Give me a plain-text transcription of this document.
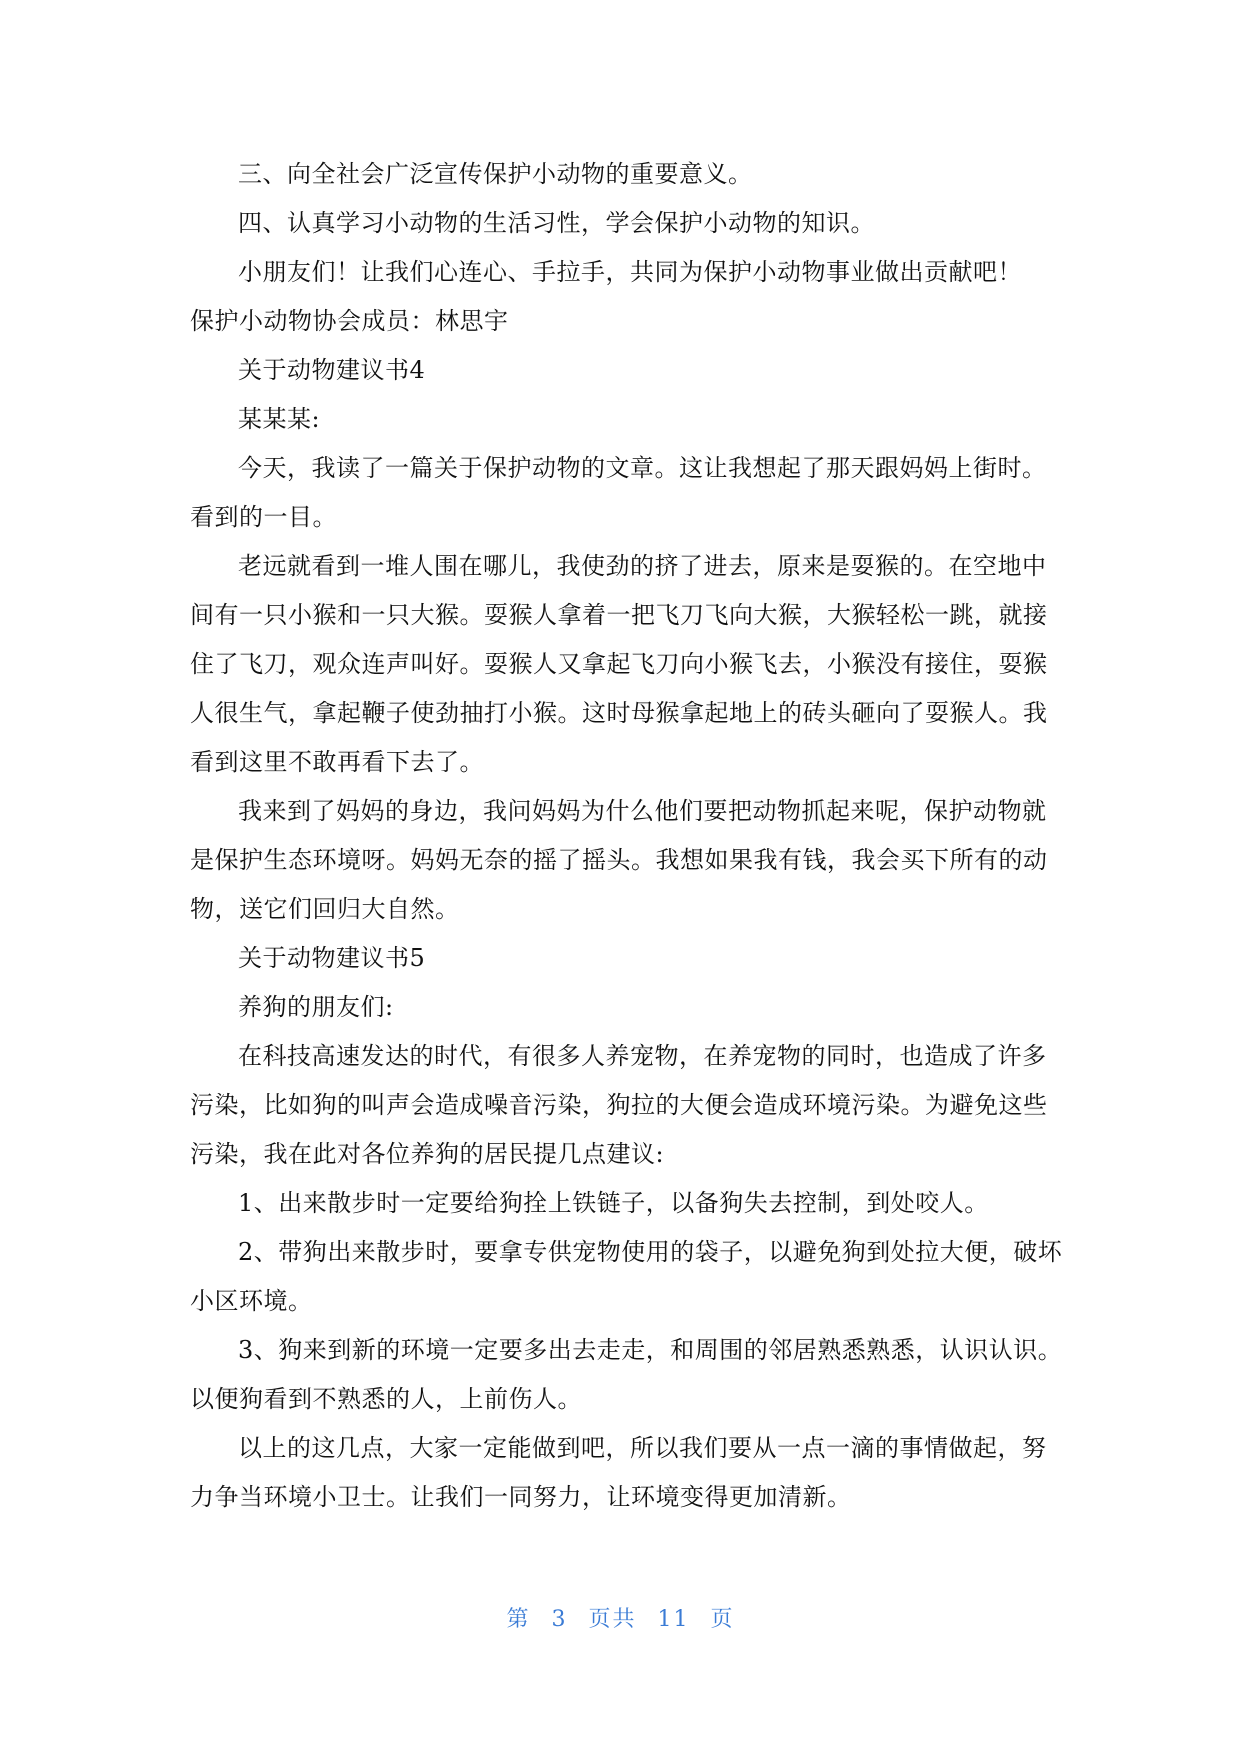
三、向全社会广泛宣传保护小动物的重要意义。

四、认真学习小动物的生活习性，学会保护小动物的知识。

小朋友们！让我们心连心、手拉手，共同为保护小动物事业做出贡献吧！

保护小动物协会成员：林思宇

关于动物建议书4

某某某:

今天，我读了一篇关于保护动物的文章。这让我想起了那天跟妈妈上街时。看到的一目。

老远就看到一堆人围在哪儿，我使劲的挤了进去，原来是耍猴的。在空地中间有一只小猴和一只大猴。耍猴人拿着一把飞刀飞向大猴，大猴轻松一跳，就接住了飞刀，观众连声叫好。耍猴人又拿起飞刀向小猴飞去，小猴没有接住，耍猴人很生气，拿起鞭子使劲抽打小猴。这时母猴拿起地上的砖头砸向了耍猴人。我看到这里不敢再看下去了。

我来到了妈妈的身边，我问妈妈为什么他们要把动物抓起来呢，保护动物就是保护生态环境呀。妈妈无奈的摇了摇头。我想如果我有钱，我会买下所有的动物，送它们回归大自然。

关于动物建议书5

养狗的朋友们:

在科技高速发达的时代，有很多人养宠物，在养宠物的同时，也造成了许多污染，比如狗的叫声会造成噪音污染，狗拉的大便会造成环境污染。为避免这些污染，我在此对各位养狗的居民提几点建议:

1、出来散步时一定要给狗拴上铁链子，以备狗失去控制，到处咬人。

2、带狗出来散步时，要拿专供宠物使用的袋子，以避免狗到处拉大便，破坏小区环境。

3、狗来到新的环境一定要多出去走走，和周围的邻居熟悉熟悉，认识认识。以便狗看到不熟悉的人，上前伤人。

以上的这几点，大家一定能做到吧，所以我们要从一点一滴的事情做起，努力争当环境小卫士。让我们一同努力，让环境变得更加清新。

第 3 页共 11 页
